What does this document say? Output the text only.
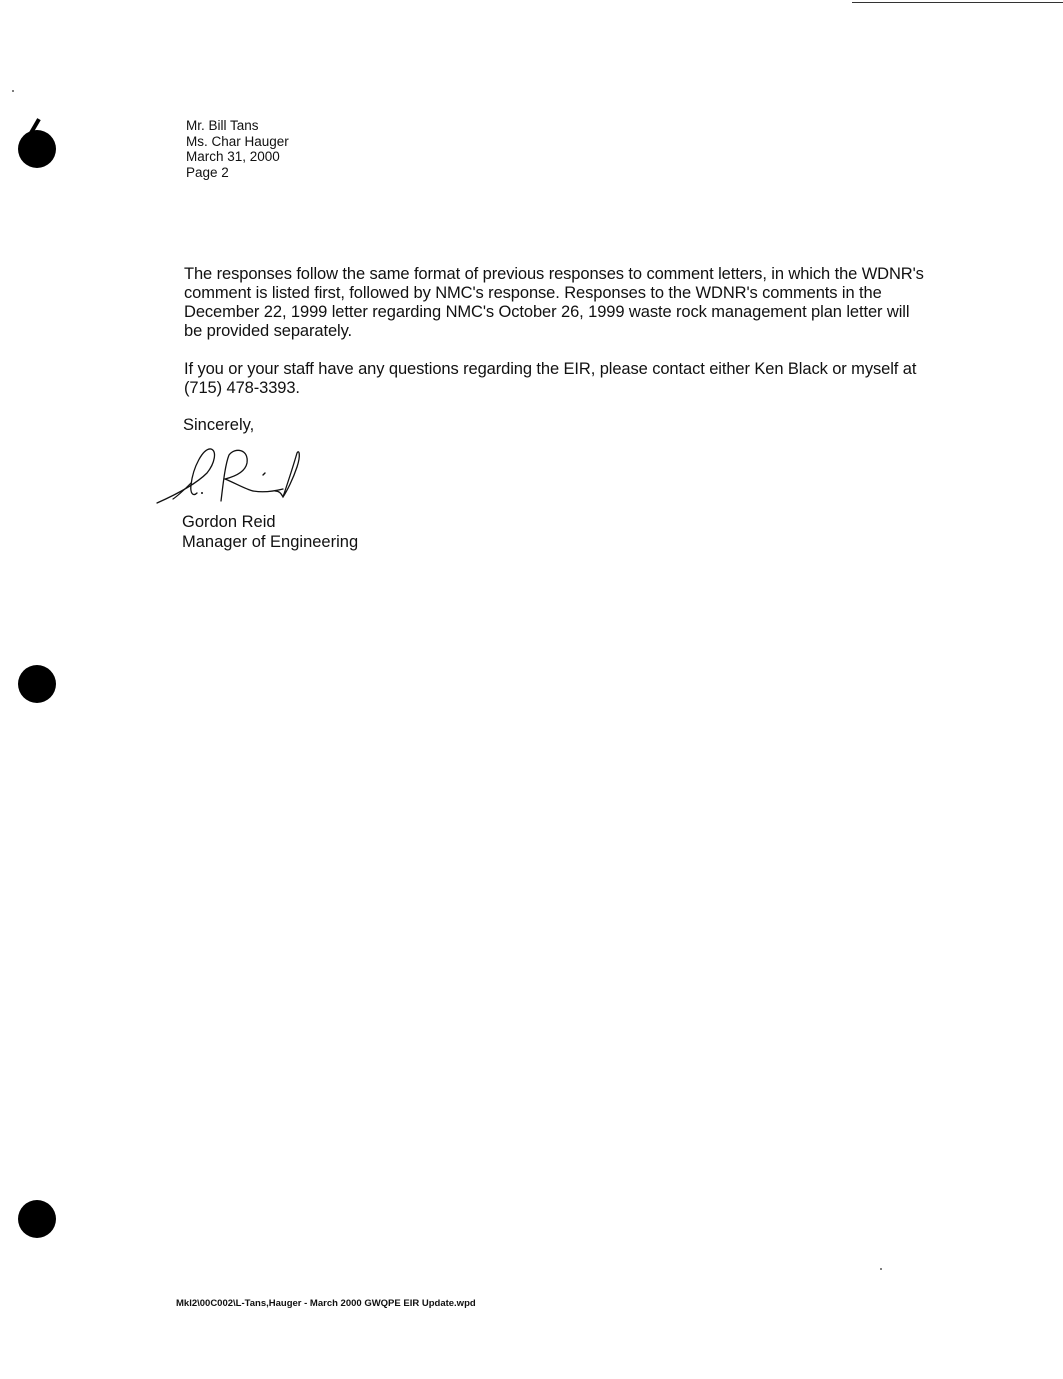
Mr. Bill Tans
Ms. Char Hauger
March 31, 2000
Page 2
The responses follow the same format of previous responses to comment letters, in which the WDNR's comment is listed first, followed by NMC's response. Responses to the WDNR's comments in the December 22, 1999 letter regarding NMC's October 26, 1999 waste rock management plan letter will be provided separately.
If you or your staff have any questions regarding the EIR, please contact either Ken Black or myself at (715) 478-3393.
Sincerely,
Gordon Reid
Manager of Engineering
Mkl2\00C002\L-Tans,Hauger - March 2000 GWQPE EIR Update.wpd
